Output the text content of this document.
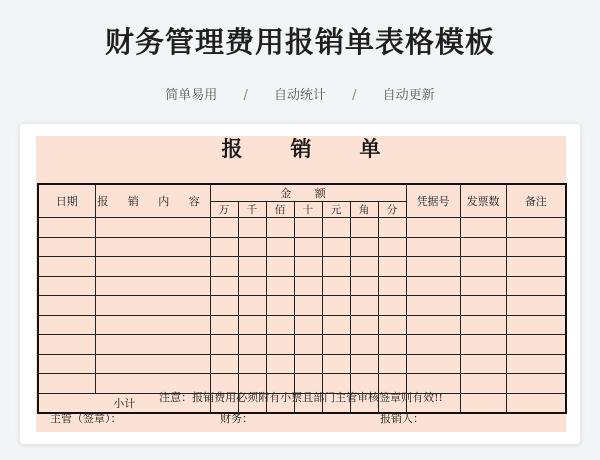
财务管理费用报销单表格模板
简单易用 / 自动统计 / 自动更新
报销单
日期	报 销 内 容	金 额							凭据号	发票数	备注
		万	千	佰	十	元	角	分			

小计												注意：报销费用必须附有小票且部门主管审核签章则有效!!
主管（签章）：	财务：	报销人：
